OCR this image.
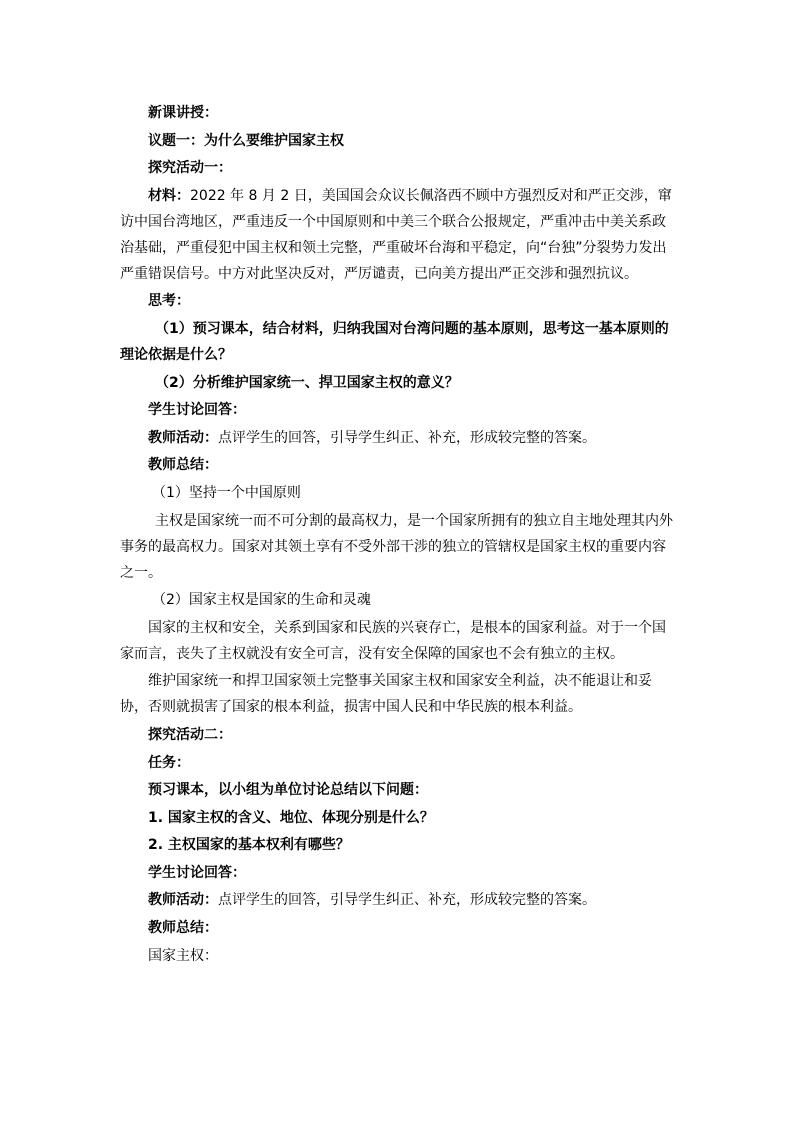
新课讲授：
议题一：为什么要维护国家主权
探究活动一：
材料：2022 年 8 月 2 日，美国国会众议长佩洛西不顾中方强烈反对和严正交涉，窜访中国台湾地区，严重违反一个中国原则和中美三个联合公报规定，严重冲击中美关系政治基础，严重侵犯中国主权和领土完整，严重破坏台海和平稳定，向“台独”分裂势力发出严重错误信号。中方对此坚决反对，严厉谴责，已向美方提出严正交涉和强烈抗议。
思考：
（1）预习课本，结合材料，归纳我国对台湾问题的基本原则，思考这一基本原则的理论依据是什么？
（2）分析维护国家统一、捍卫国家主权的意义？
学生讨论回答：
教师活动：点评学生的回答，引导学生纠正、补充，形成较完整的答案。
教师总结：
（1）坚持一个中国原则
主权是国家统一而不可分割的最高权力，是一个国家所拥有的独立自主地处理其内外事务的最高权力。国家对其领土享有不受外部干涉的独立的管辖权是国家主权的重要内容之一。
（2）国家主权是国家的生命和灵魂
国家的主权和安全，关系到国家和民族的兴衰存亡，是根本的国家利益。对于一个国家而言，丧失了主权就没有安全可言，没有安全保障的国家也不会有独立的主权。
维护国家统一和捍卫国家领土完整事关国家主权和国家安全利益，决不能退让和妥协，否则就损害了国家的根本利益，损害中国人民和中华民族的根本利益。
探究活动二：
任务：
预习课本，以小组为单位讨论总结以下问题：
1. 国家主权的含义、地位、体现分别是什么？
2. 主权国家的基本权利有哪些？
学生讨论回答：
教师活动：点评学生的回答，引导学生纠正、补充，形成较完整的答案。
教师总结：
国家主权：
